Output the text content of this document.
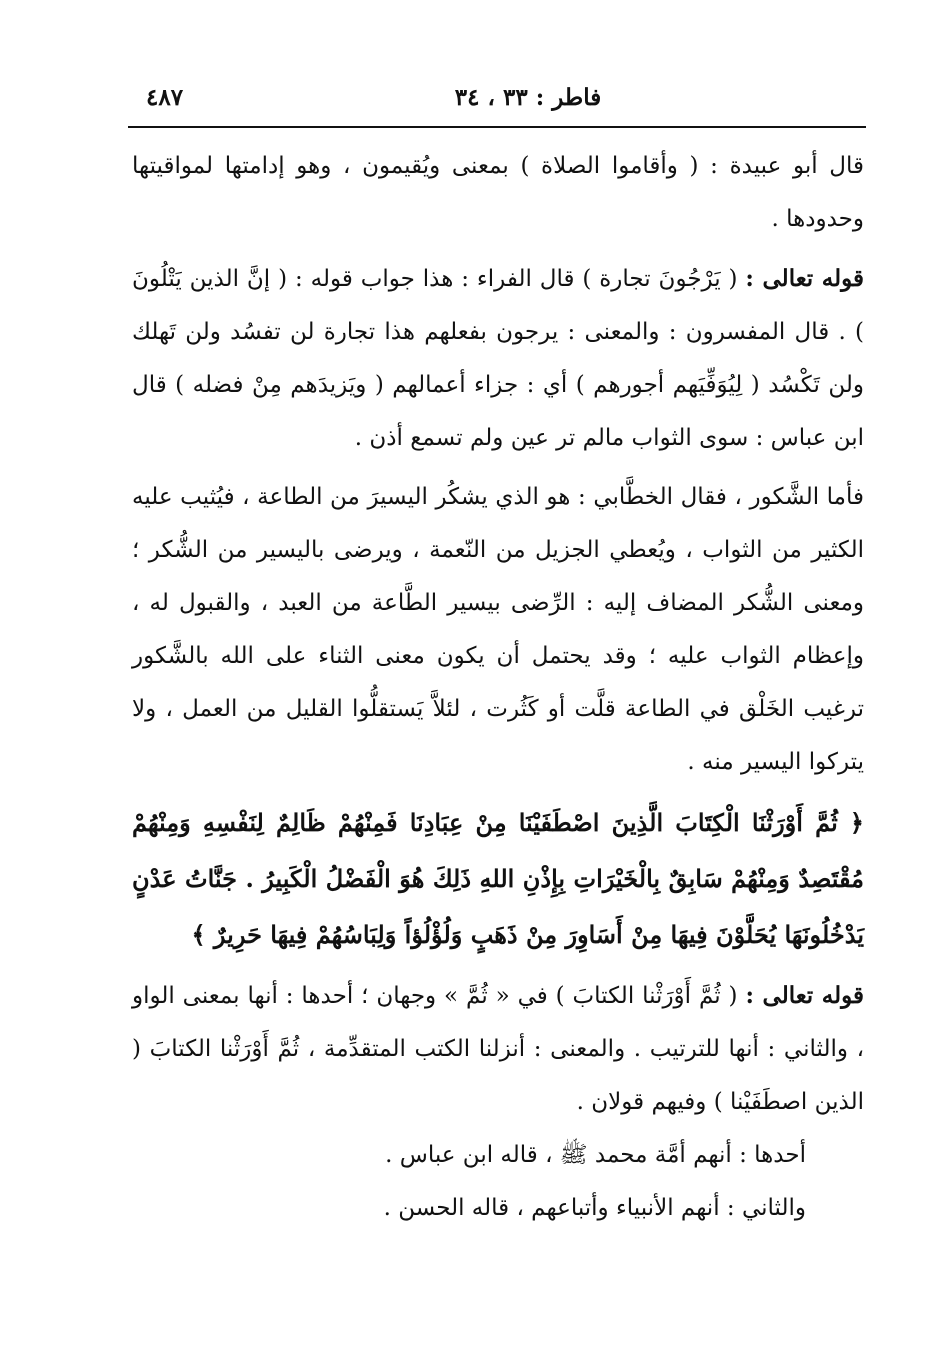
فاطر : ٣٣ ، ٣٤
٤٨٧

قال أبو عبيدة : ( وأقاموا الصلاة ) بمعنى ويُقيمون ، وهو إدامتها لمواقيتها وحدودها .

قوله تعالى : ( يَرْجُونَ تجارة ) قال الفراء : هذا جواب قوله : ( إنَّ الذين يَتْلُونَ ) . قال المفسرون : والمعنى : يرجون بفعلهم هذا تجارة لن تفسُد ولن تَهلك ولن تَكْسُد ( لِيُوَفِّيَهم أجورهم ) أي : جزاء أعمالهم ( ويَزيدَهم مِنْ فضله ) قال ابن عباس : سوى الثواب مالم تر عين ولم تسمع أذن .

فأما الشَّكور ، فقال الخطَّابي : هو الذي يشكُر اليسيرَ من الطاعة ، فيُثيب عليه الكثير من الثواب ، ويُعطي الجزيل من النّعمة ، ويرضى باليسير من الشُّكر ؛ ومعنى الشُّكر المضاف إليه : الرِّضى بيسير الطَّاعة من العبد ، والقبول له ، وإعظام الثواب عليه ؛ وقد يحتمل أن يكون معنى الثناء على الله بالشَّكور ترغيب الخَلْق في الطاعة قلَّت أو كَثُرت ، لئلاَّ يَستقلُّوا القليل من العمل ، ولا يتركوا اليسير منه .

﴿ ثُمَّ أَوْرَثْنَا الْكِتَابَ الَّذِينَ اصْطَفَيْنَا مِنْ عِبَادِنَا فَمِنْهُمْ ظَالِمٌ لِنَفْسِهِ وَمِنْهُمْ مُقْتَصِدٌ وَمِنْهُمْ سَابِقٌ بِالْخَيْرَاتِ بِإِذْنِ اللهِ ذَلِكَ هُوَ الْفَضْلُ الْكَبِيرُ . جَنَّاتُ عَدْنٍ يَدْخُلُونَهَا يُحَلَّوْنَ فِيهَا مِنْ أَسَاوِرَ مِنْ ذَهَبٍ وَلُؤْلُؤاً وَلِبَاسُهُمْ فِيهَا حَرِيرٌ ﴾

قوله تعالى : ( ثُمَّ أَوْرَثْنا الكتابَ ) في « ثُمَّ » وجهان ؛ أحدها : أنها بمعنى الواو ، والثاني : أنها للترتيب . والمعنى : أنزلنا الكتب المتقدِّمة ، ثُمَّ أَوْرَثْنا الكتابَ ( الذين اصطَفَيْنا ) وفيهم قولان .

أحدها : أنهم أمَّة محمد ﷺ ، قاله ابن عباس .

والثاني : أنهم الأنبياء وأتباعهم ، قاله الحسن .
